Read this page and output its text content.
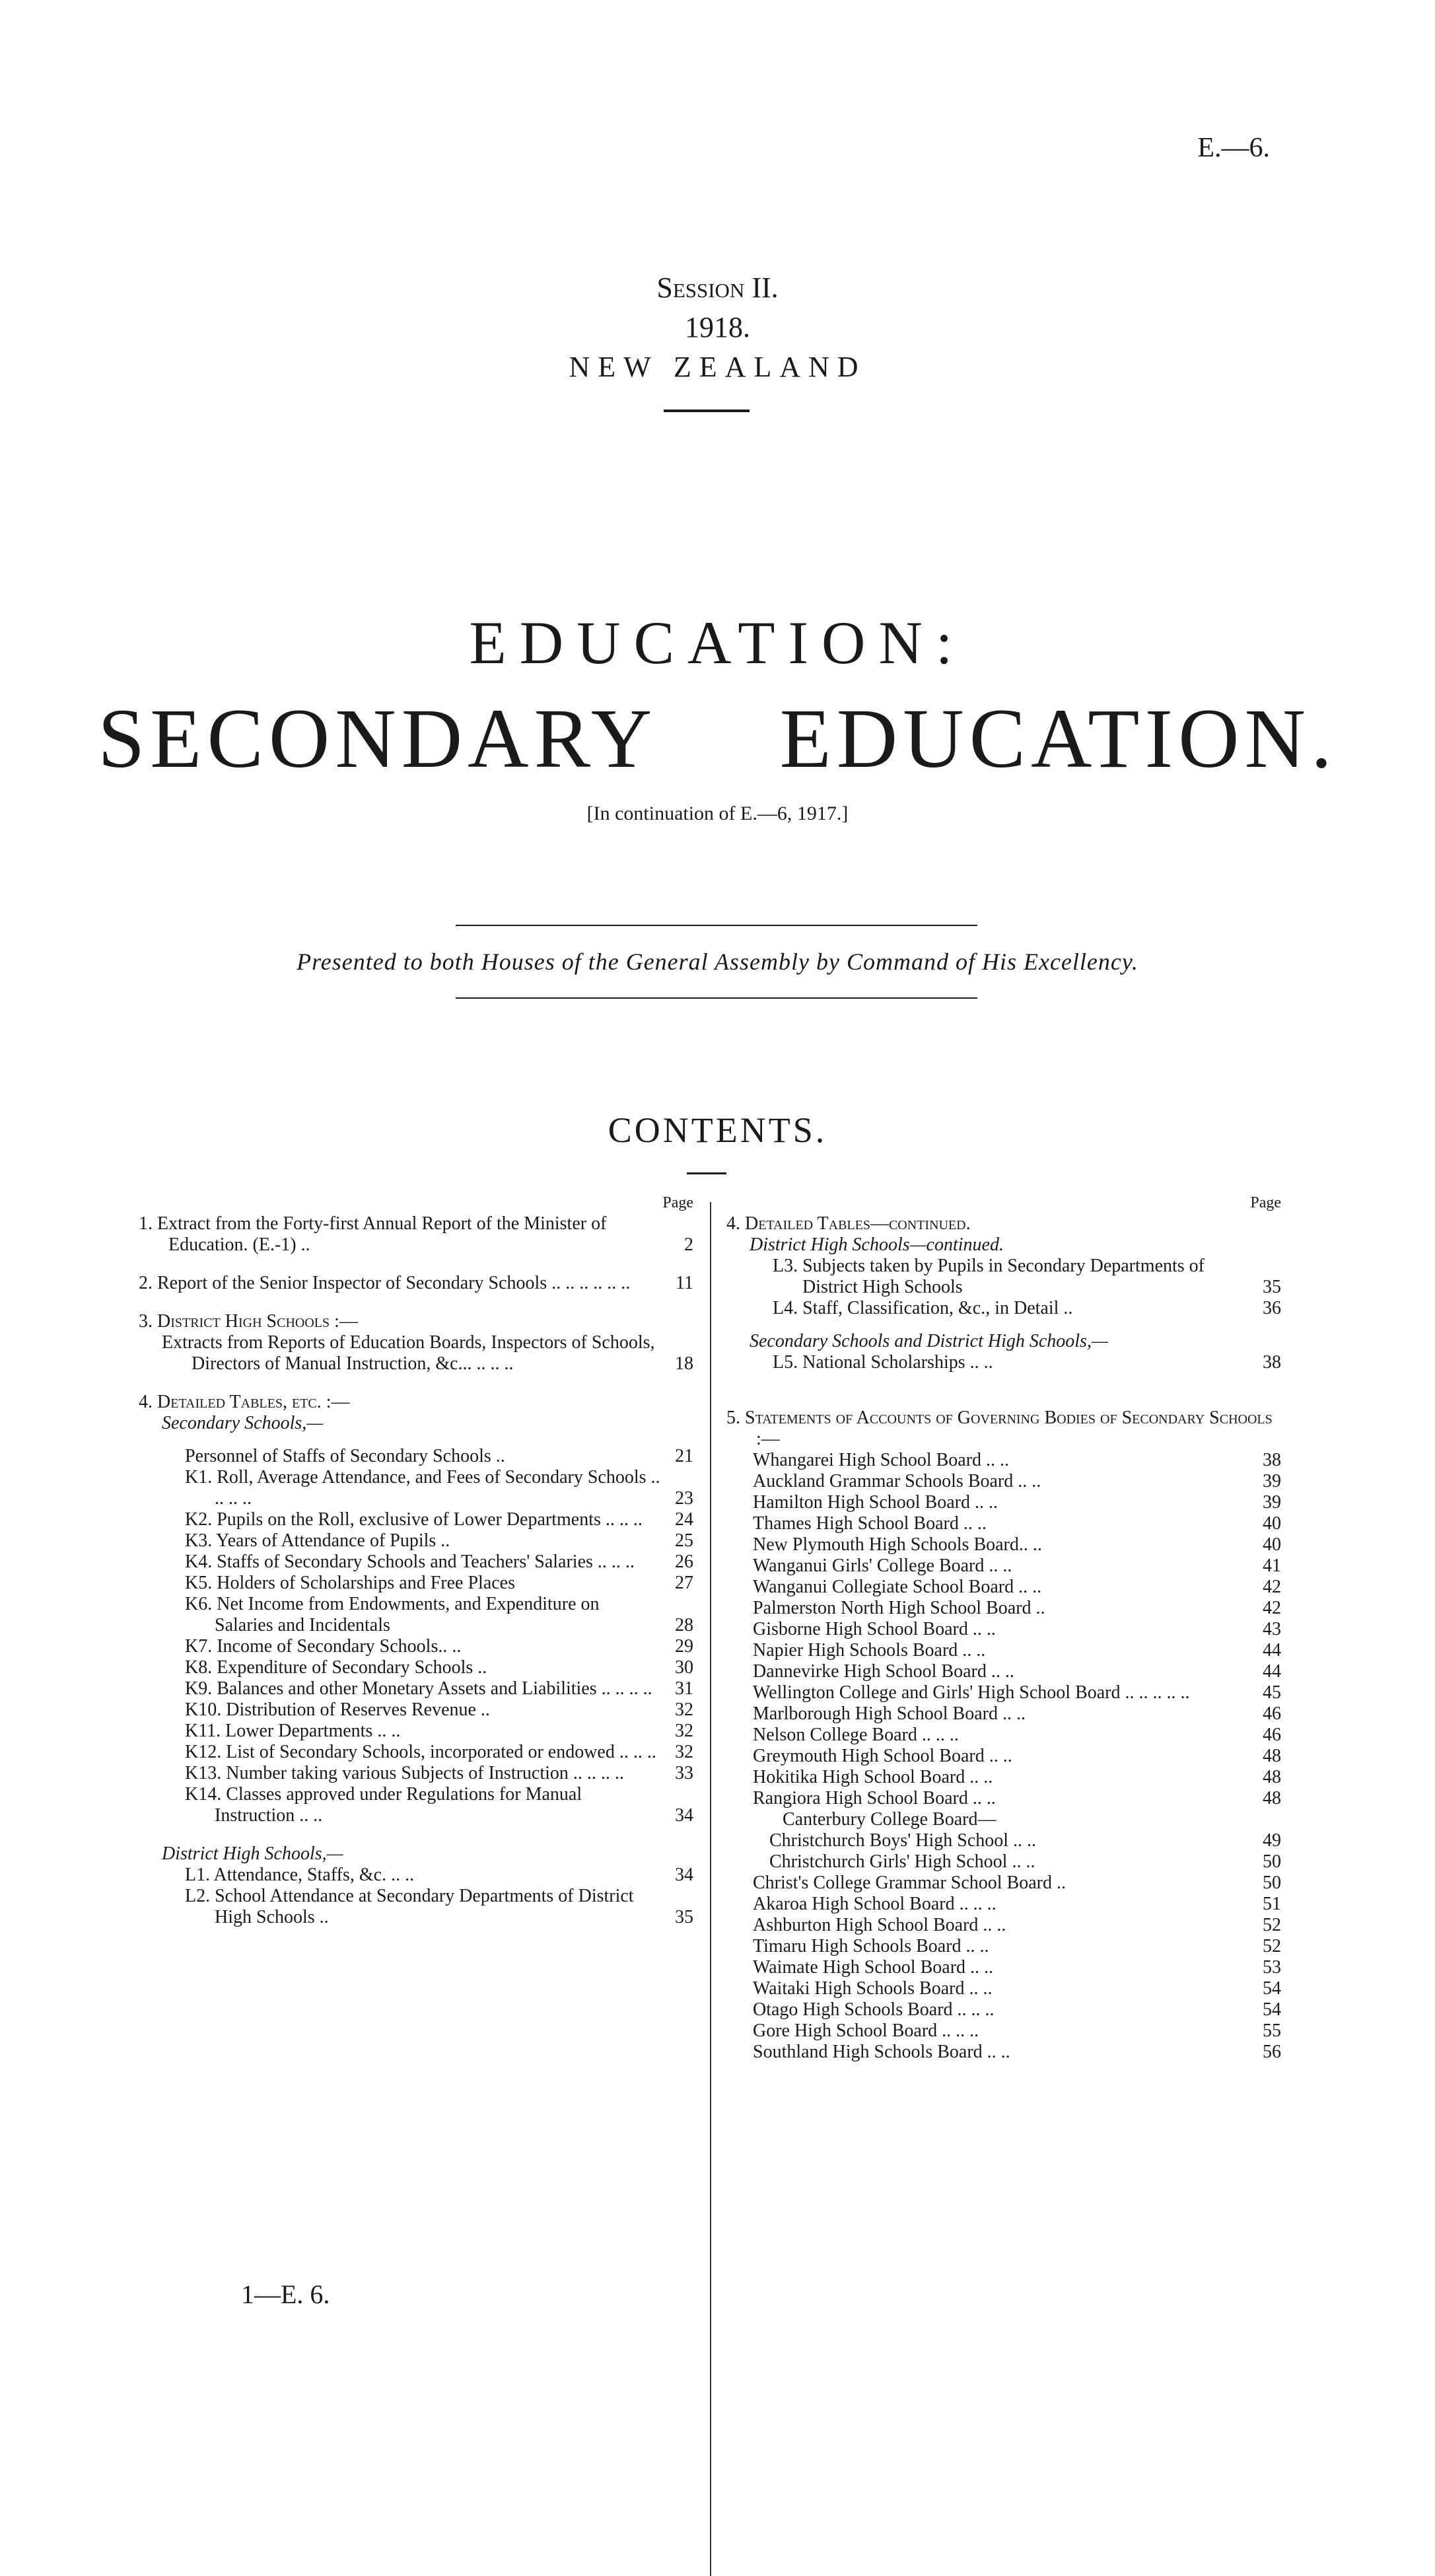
E.—6.
Session II.
1918.
NEW ZEALAND
EDUCATION:
SECONDARY EDUCATION.
[In continuation of E.—6, 1917.]
Presented to both Houses of the General Assembly by Command of His Excellency.
CONTENTS.
Page
1. Extract from the Forty-first Annual Report of the Minister of Education. (E.-1) ..	2
2. Report of the Senior Inspector of Secondary Schools .. .. .. .. .. ..	11
3. District High Schools :—
Extracts from Reports of Education Boards, Inspectors of Schools, Directors of Manual Instruction, &c... .. .. ..	18
4. Detailed Tables, etc. :—
Secondary Schools,—
Personnel of Staffs of Secondary Schools ..	21
K1. Roll, Average Attendance, and Fees of Secondary Schools .. .. .. ..	23
K2. Pupils on the Roll, exclusive of Lower Departments .. .. ..	24
K3. Years of Attendance of Pupils ..	25
K4. Staffs of Secondary Schools and Teachers' Salaries .. .. ..	26
K5. Holders of Scholarships and Free Places	27
K6. Net Income from Endowments, and Expenditure on Salaries and Incidentals	28
K7. Income of Secondary Schools.. ..	29
K8. Expenditure of Secondary Schools ..	30
K9. Balances and other Monetary Assets and Liabilities .. .. .. ..	31
K10. Distribution of Reserves Revenue ..	32
K11. Lower Departments .. ..	32
K12. List of Secondary Schools, incorporated or endowed .. .. ..	32
K13. Number taking various Subjects of Instruction .. .. .. ..	33
K14. Classes approved under Regulations for Manual Instruction .. ..	34
District High Schools,—
L1. Attendance, Staffs, &c. .. ..	34
L2. School Attendance at Secondary Departments of District High Schools ..	35
Page
4. Detailed Tables—continued.
District High Schools—continued.
L3. Subjects taken by Pupils in Secondary Departments of District High Schools	35
L4. Staff, Classification, &c., in Detail ..	36
Secondary Schools and District High Schools,—
L5. National Scholarships .. ..	38
5. Statements of Accounts of Governing Bodies of Secondary Schools :—
Whangarei High School Board .. ..	38
Auckland Grammar Schools Board .. ..	39
Hamilton High School Board .. ..	39
Thames High School Board .. ..	40
New Plymouth High Schools Board.. ..	40
Wanganui Girls' College Board .. ..	41
Wanganui Collegiate School Board .. ..	42
Palmerston North High School Board ..	42
Gisborne High School Board .. ..	43
Napier High Schools Board .. ..	44
Dannevirke High School Board .. ..	44
Wellington College and Girls' High School Board .. .. .. .. ..	45
Marlborough High School Board .. ..	46
Nelson College Board .. .. ..	46
Greymouth High School Board .. ..	48
Hokitika High School Board .. ..	48
Rangiora High School Board .. ..	48
Canterbury College Board—
Christchurch Boys' High School .. ..	49
Christchurch Girls' High School .. ..	50
Christ's College Grammar School Board ..	50
Akaroa High School Board .. .. ..	51
Ashburton High School Board .. ..	52
Timaru High Schools Board .. ..	52
Waimate High School Board .. ..	53
Waitaki High Schools Board .. ..	54
Otago High Schools Board .. .. ..	54
Gore High School Board .. .. ..	55
Southland High Schools Board .. ..	56
1—E. 6.
